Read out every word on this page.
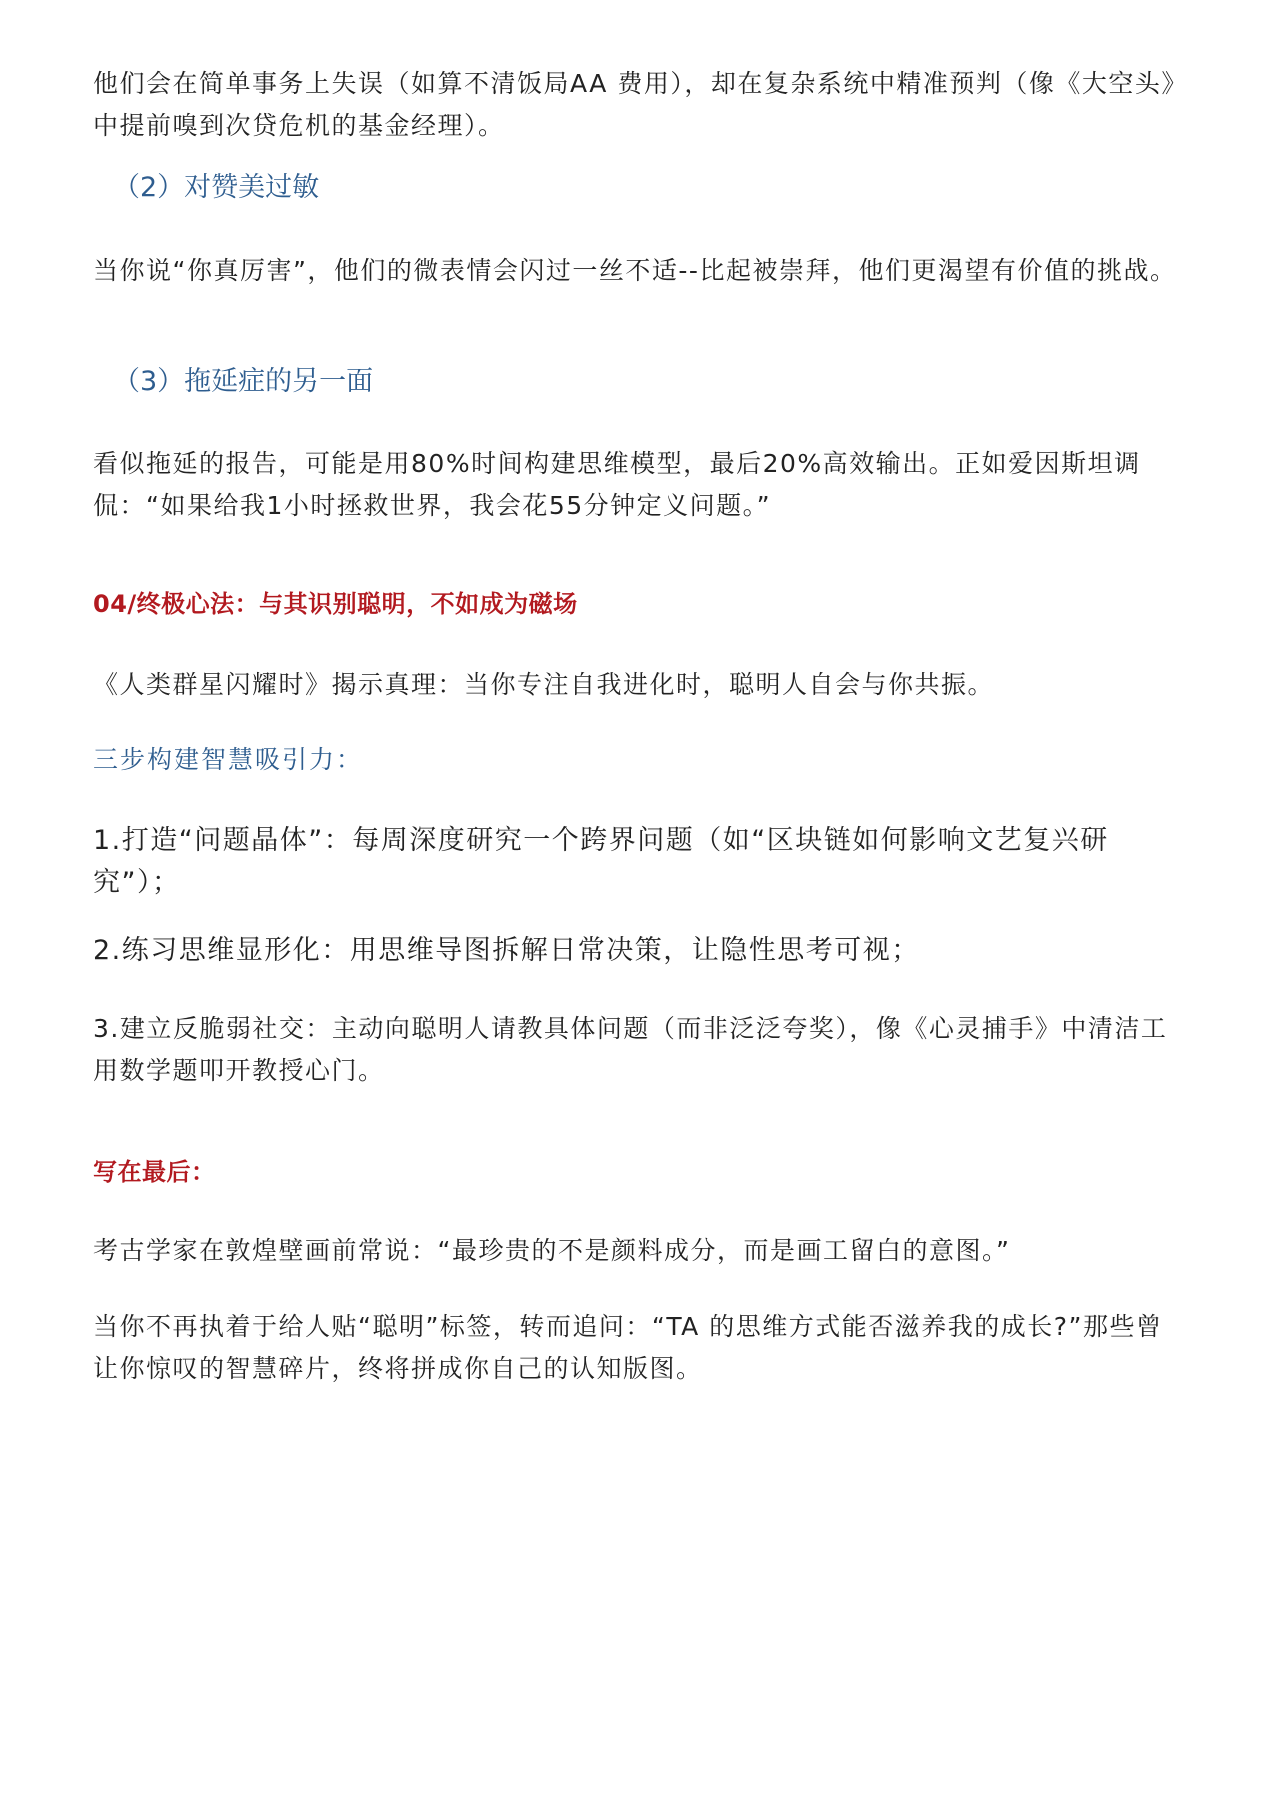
他们会在简单事务上失误（如算不清饭局AA 费用），却在复杂系统中精准预判（像《大空头》中提前嗅到次贷危机的基金经理）。

（2）对赞美过敏

当你说“你真厉害”，他们的微表情会闪过一丝不适--比起被崇拜，他们更渴望有价值的挑战。

（3）拖延症的另一面

看似拖延的报告，可能是用80%时间构建思维模型，最后20%高效输出。正如爱因斯坦调侃：“如果给我1小时拯救世界，我会花55分钟定义问题。”

04/终极心法：与其识别聪明，不如成为磁场

《人类群星闪耀时》揭示真理：当你专注自我进化时，聪明人自会与你共振。

三步构建智慧吸引力：

1.打造“问题晶体”：每周深度研究一个跨界问题（如“区块链如何影响文艺复兴研究”）；

2.练习思维显形化：用思维导图拆解日常决策，让隐性思考可视；

3.建立反脆弱社交：主动向聪明人请教具体问题（而非泛泛夸奖），像《心灵捕手》中清洁工用数学题叩开教授心门。

写在最后：

考古学家在敦煌壁画前常说：“最珍贵的不是颜料成分，而是画工留白的意图。”

当你不再执着于给人贴“聪明”标签，转而追问：“TA 的思维方式能否滋养我的成长?”那些曾让你惊叹的智慧碎片，终将拼成你自己的认知版图。
